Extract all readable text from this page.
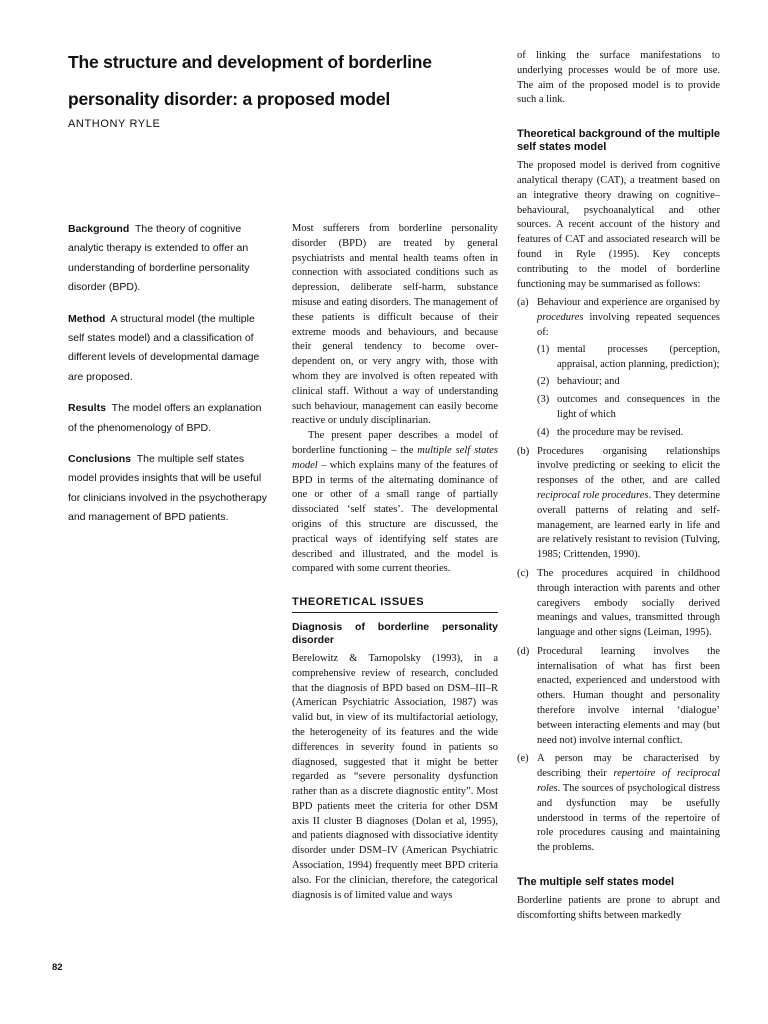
The structure and development of borderline
personality disorder: a proposed model
ANTHONY RYLE

Background The theory of cognitive analytic therapy is extended to offer an understanding of borderline personality disorder (BPD).

Method A structural model (the multiple self states model) and a classification of different levels of developmental damage are proposed.

Results The model offers an explanation of the phenomenology of BPD.

Conclusions The multiple self states model provides insights that will be useful for clinicians involved in the psychotherapy and management of BPD patients.

Most sufferers from borderline personality disorder (BPD) are treated by general psychiatrists and mental health teams often in connection with associated conditions such as depression, deliberate self-harm, substance misuse and eating disorders. The management of these patients is difficult because of their extreme moods and behaviours, and because their general tendency to become over-dependent on, or very angry with, those with whom they are involved is often repeated with clinical staff. Without a way of understanding such behaviour, management can easily become reactive or unduly disciplinarian.

The present paper describes a model of borderline functioning – the multiple self states model – which explains many of the features of BPD in terms of the alternating dominance of one or other of a small range of partially dissociated ‘self states’. The developmental origins of this structure are discussed, the practical ways of identifying self states are described and illustrated, and the model is compared with some current theories.

THEORETICAL ISSUES
Diagnosis of borderline personality disorder

Berelowitz & Tarnopolsky (1993), in a comprehensive review of research, concluded that the diagnosis of BPD based on DSM–III–R (American Psychiatric Association, 1987) was valid but, in view of its multifactorial aetiology, the heterogeneity of its features and the wide differences in severity found in patients so diagnosed, suggested that it might be better regarded as “severe personality dysfunction rather than as a discrete diagnostic entity”. Most BPD patients meet the criteria for other DSM axis II cluster B diagnoses (Dolan et al, 1995), and patients diagnosed with dissociative identity disorder under DSM–IV (American Psychiatric Association, 1994) frequently meet BPD criteria also. For the clinician, therefore, the categorical diagnosis is of limited value and ways

of linking the surface manifestations to underlying processes would be of more use. The aim of the proposed model is to provide such a link.

Theoretical background of the multiple self states model

The proposed model is derived from cognitive analytical therapy (CAT), a treatment based on an integrative theory drawing on cognitive–behavioural, psychoanalytical and other sources. A recent account of the history and features of CAT and associated research will be found in Ryle (1995). Key concepts contributing to the model of borderline functioning may be summarised as follows:

(a) Behaviour and experience are organised by procedures involving repeated sequences of:
(1) mental processes (perception, appraisal, action planning, prediction);
(2) behaviour; and
(3) outcomes and consequences in the light of which
(4) the procedure may be revised.
(b) Procedures organising relationships involve predicting or seeking to elicit the responses of the other, and are called reciprocal role procedures. They determine overall patterns of relating and self-management, are learned early in life and are relatively resistant to revision (Tulving, 1985; Crittenden, 1990).
(c) The procedures acquired in childhood through interaction with parents and other caregivers embody socially derived meanings and values, transmitted through language and other signs (Leiman, 1995).
(d) Procedural learning involves the internalisation of what has first been enacted, experienced and understood with others. Human thought and personality therefore involve internal ‘dialogue’ between interacting elements and may (but need not) involve internal conflict.
(e) A person may be characterised by describing their repertoire of reciprocal roles. The sources of psychological distress and dysfunction may be usefully understood in terms of the repertoire of role procedures causing and maintaining the problems.
The multiple self states model

Borderline patients are prone to abrupt and discomforting shifts between markedly

82
